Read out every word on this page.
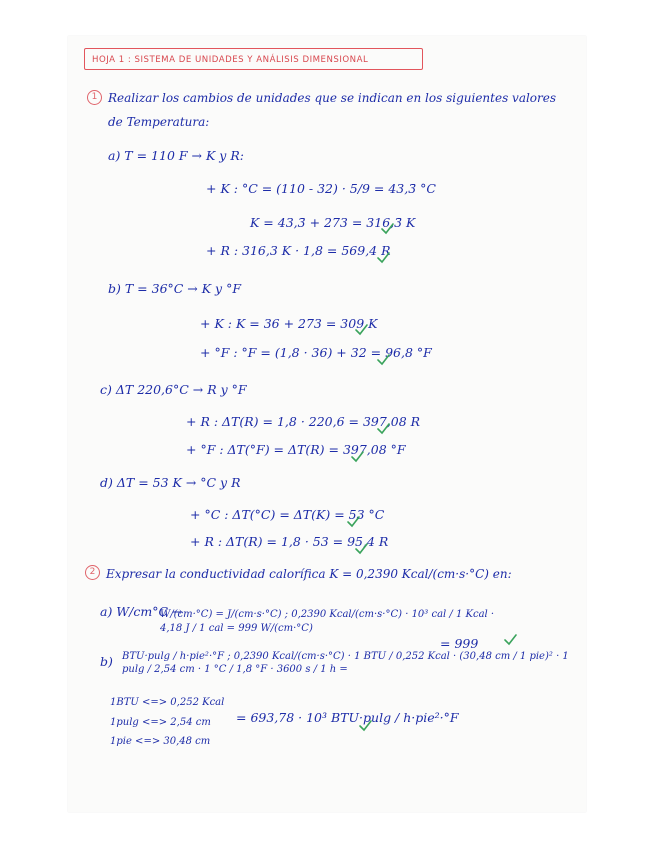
HOJA 1 : SISTEMA DE UNIDADES Y ANÁLISIS DIMENSIONAL
1 Realizar los cambios de unidades que se indican en los siguientes valores
de Temperatura:
a) T = 110 F → K y R:
+ K : °C = (110 - 32) · 5/9 = 43,3̄ °C
K = 43,3̄ + 273 = 316,3̄ K
+ R : 316,3 K · 1,8 = 569,4 R
b) T = 36°C → K y °F
+ K : K = 36 + 273 = 309 K
+ °F : °F = (1,8 · 36) + 32 = 96,8 °F
c) ΔT 220,6°C → R y °F
+ R : ΔT(R) = 1,8 · 220,6 = 397,08 R
+ °F : ΔT(°F) = ΔT(R) = 397,08 °F
d) ΔT = 53 K → °C y R
+ °C : ΔT(°C) = ΔT(K) = 53 °C
+ R : ΔT(R) = 1,8 · 53 = 95,4 R
2 Expresar la conductividad calorífica K = 0,2390 Kcal/(cm·s·°C) en:
a) W/cm°C →
W/(cm·°C) = J/(cm·s·°C) ; 0,2390 Kcal/(cm·s·°C) · 10³ cal / 1 Kcal · 4,18 J / 1 cal = 999 W/(cm·°C)
= 999
b) BTU·pulg / h·pie²·°F ; 0,2390 Kcal/(cm·s·°C) · 1 BTU / 0,252 Kcal · (30,48 cm / 1 pie)² · 1 pulg / 2,54 cm · 1 °C / 1,8 °F · 3600 s / 1 h =
1BTU <=> 0,252 Kcal
1pulg <=> 2,54 cm
1pie <=> 30,48 cm
= 693,78 · 10³ BTU·pulg / h·pie²·°F
